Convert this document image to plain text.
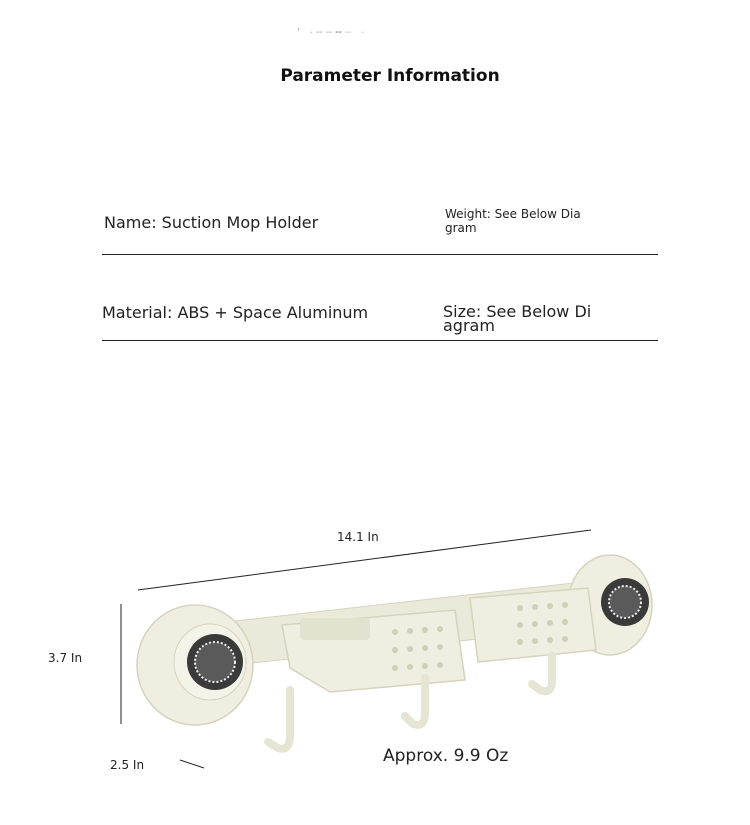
' ·╌┄╍┈ ·
Parameter Information
Name: Suction Mop Holder	Weight: See Below Dia gram
Material: ABS + Space Aluminum	Size: See Below Di agram
14.1 In
3.7 In
2.5 In	Approx. 9.9 Oz
